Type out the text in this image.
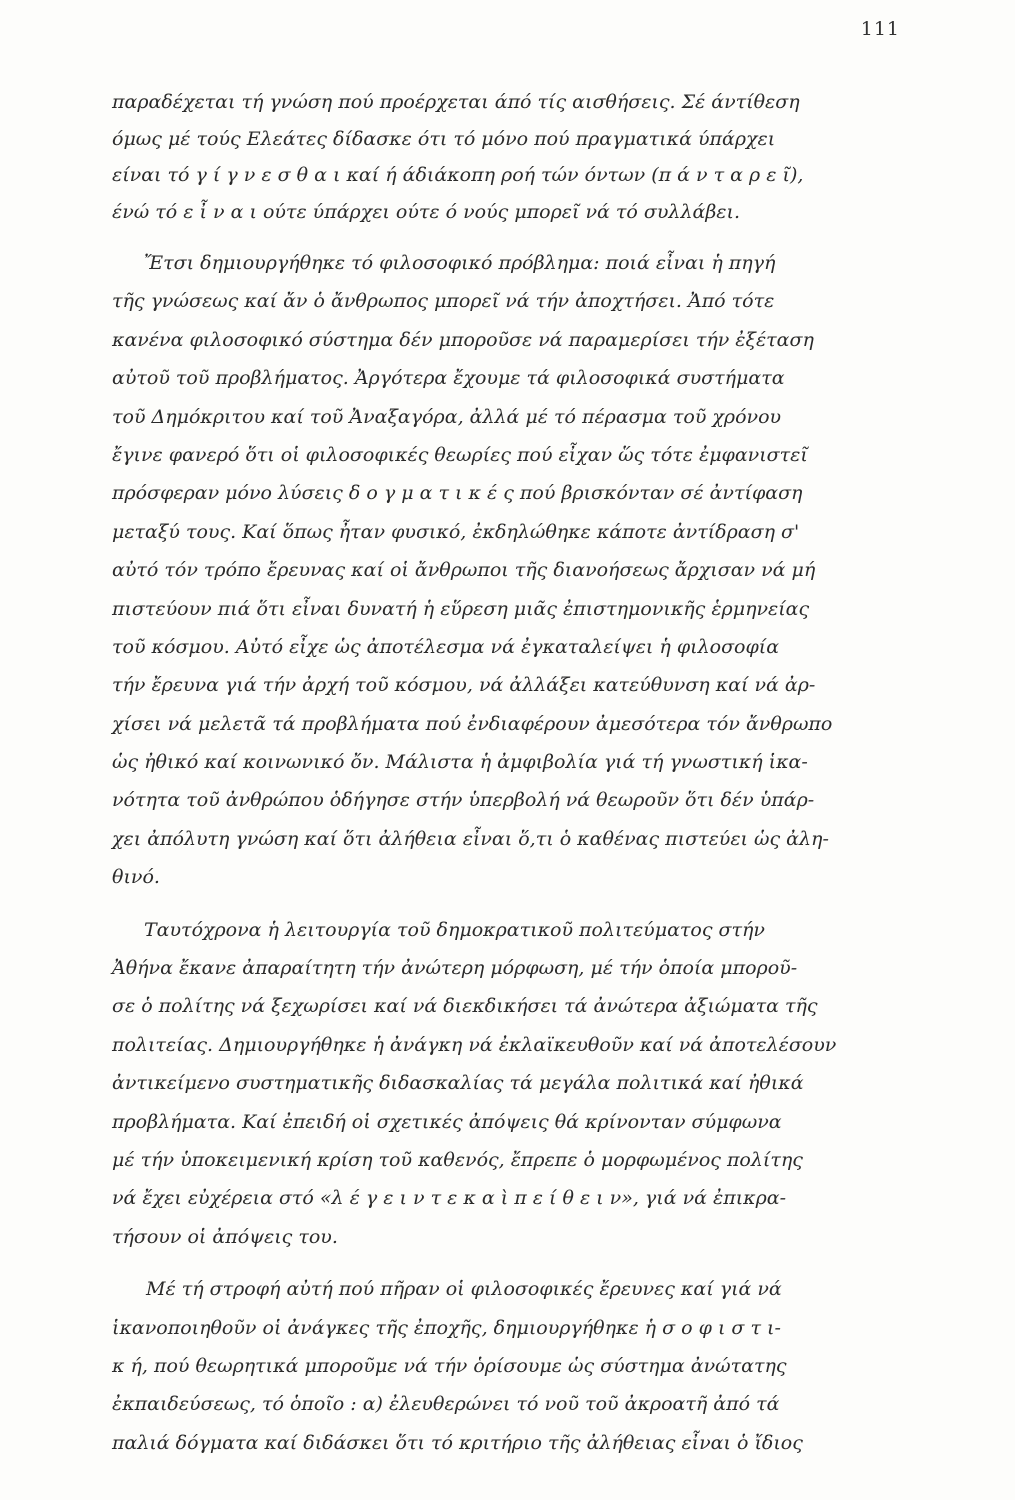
111
παραδέχεται τή γνώση πού προέρχεται άπό τίς αισθήσεις. Σέ άντίθεση
όμως μέ τούς Ελεάτες δίδασκε ότι τό μόνο πού πραγματικά ύπάρχει
είναι τό γ ί γ ν ε σ θ α ι καί ή άδιάκοπη ροή τών όντων (π ά ν τ α ρ ε ῖ),
ένώ τό ε ἶ ν α ι ούτε ύπάρχει ούτε ό νούς μπορεῖ νά τό συλλάβει.
Ἔτσι δημιουργήθηκε τό φιλοσοφικό πρόβλημα: ποιά εἶναι ἡ πηγή
τῆς γνώσεως καί ἄν ὁ ἄνθρωπος μπορεῖ νά τήν ἀποχτήσει. Ἀπό τότε
κανένα φιλοσοφικό σύστημα δέν μποροῦσε νά παραμερίσει τήν ἐξέταση
αὐτοῦ τοῦ προβλήματος. Ἀργότερα ἔχουμε τά φιλοσοφικά συστήματα
τοῦ Δημόκριτου καί τοῦ Ἀναξαγόρα, ἀλλά μέ τό πέρασμα τοῦ χρόνου
ἔγινε φανερό ὅτι οἱ φιλοσοφικές θεωρίες πού εἶχαν ὥς τότε ἐμφανιστεῖ
πρόσφεραν μόνο λύσεις δ ο γ μ α τ ι κ έ ς πού βρισκόνταν σέ ἀντίφαση
μεταξύ τους. Καί ὅπως ἦταν φυσικό, ἐκδηλώθηκε κάποτε ἀντίδραση σ'
αὐτό τόν τρόπο ἔρευνας καί οἱ ἄνθρωποι τῆς διανοήσεως ἄρχισαν νά μή
πιστεύουν πιά ὅτι εἶναι δυνατή ἡ εὕρεση μιᾶς ἐπιστημονικῆς ἑρμηνείας
τοῦ κόσμου. Αὐτό εἶχε ὡς ἀποτέλεσμα νά ἐγκαταλείψει ἡ φιλοσοφία
τήν ἔρευνα γιά τήν ἀρχή τοῦ κόσμου, νά ἀλλάξει κατεύθυνση καί νά ἀρ-
χίσει νά μελετᾶ τά προβλήματα πού ἐνδιαφέρουν ἀμεσότερα τόν ἄνθρωπο
ὡς ἠθικό καί κοινωνικό ὄν. Μάλιστα ἡ ἀμφιβολία γιά τή γνωστική ἱκα-
νότητα τοῦ ἀνθρώπου ὁδήγησε στήν ὑπερβολή νά θεωροῦν ὅτι δέν ὑπάρ-
χει ἀπόλυτη γνώση καί ὅτι ἀλήθεια εἶναι ὅ,τι ὁ καθένας πιστεύει ὡς ἀλη-
θινό.
Ταυτόχρονα ἡ λειτουργία τοῦ δημοκρατικοῦ πολιτεύματος στήν
Ἀθήνα ἔκανε ἀπαραίτητη τήν ἀνώτερη μόρφωση, μέ τήν ὁποία μποροῦ-
σε ὁ πολίτης νά ξεχωρίσει καί νά διεκδικήσει τά ἀνώτερα ἀξιώματα τῆς
πολιτείας. Δημιουργήθηκε ἡ ἀνάγκη νά ἐκλαϊκευθοῦν καί νά ἀποτελέσουν
ἀντικείμενο συστηματικῆς διδασκαλίας τά μεγάλα πολιτικά καί ἠθικά
προβλήματα. Καί ἐπειδή οἱ σχετικές ἀπόψεις θά κρίνονταν σύμφωνα
μέ τήν ὑποκειμενική κρίση τοῦ καθενός, ἔπρεπε ὁ μορφωμένος πολίτης
νά ἔχει εὐχέρεια στό «λ έ γ ε ι ν τ ε κ α ὶ π ε ί θ ε ι ν», γιά νά ἐπικρα-
τήσουν οἱ ἀπόψεις του.
Μέ τή στροφή αὐτή πού πῆραν οἱ φιλοσοφικές ἔρευνες καί γιά νά
ἱκανοποιηθοῦν οἱ ἀνάγκες τῆς ἐποχῆς, δημιουργήθηκε ἡ σ ο φ ι σ τ ι-
κ ή, πού θεωρητικά μποροῦμε νά τήν ὁρίσουμε ὡς σύστημα ἀνώτατης
ἐκπαιδεύσεως, τό ὁποῖο : α) ἐλευθερώνει τό νοῦ τοῦ ἀκροατῆ ἀπό τά
παλιά δόγματα καί διδάσκει ὅτι τό κριτήριο τῆς ἀλήθειας εἶναι ὁ ἴδιος
